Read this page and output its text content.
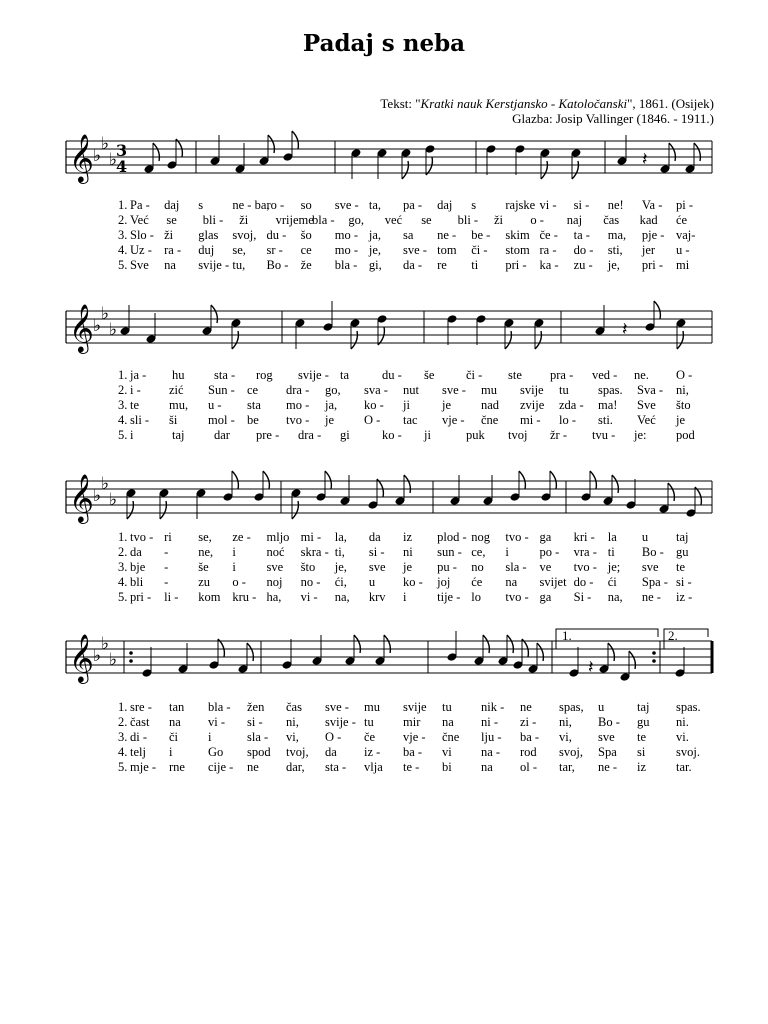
Padaj s neba
Tekst: "Kratki nauk Kerstjansko - Katoločanski", 1861. (Osijek)
Glazba: Josip Vallinger (1846. - 1911.)
𝄞 ♭
♭
♭
3
4	𝄽
1. Pa - daj s ne - ba,
ro - so sve - ta, pa - daj s rajske vi - si - ne! Va - pi -
2. Već se bli - ži vrijeme
bla - go, već se bli - ži o - naj čas kad će
3. Slo - ži glas svoj, du - šo mo - ja, sa ne - be - skim če - ta - ma, pje - vaj-
4. Uz - ra - duj se, sr - ce mo - je, sve - tom či - stom ra - do - sti, jer u -
5. Sve na svije - tu, Bo - že bla - gi, da - re ti pri - ka - zu - je, pri - mi
𝄞 ♭
♭
♭	𝄽
1. ja - hu sta - rog svije - ta	du - še	či - ste pra - ved - ne. O -
2. i - zić Sun - ce dra - go, sva - nut sve - mu svije tu spas. Sva - ni,
3. te mu, u - sta mo - ja, ko - ji	je nad zvije zda - ma! Sve što
4. sli - ši mol - be tvo - je O - tac vje - čne mi - lo - sti. Već je
5. i	taj dar pre - dra - gi	ko - ji	puk tvoj žr - tvu - je: pod
𝄞 ♭
♭
♭
1. tvo - ri se, ze - mljo mi - la, da iz plod - nog tvo - ga kri - la u taj
2. da - ne, i noć skra - ti, si - ni sun - ce, i po - vra - ti Bo - gu
3. bje - še i sve što je, sve je pu - no sla - ve tvo - je; sve te
4. bli - zu o - noj no - ći, u ko - joj će na svijet do - ći Spa - si -
5. pri - li - kom kru - ha, vi - na, krv i tije - lo tvo - ga Si - na, ne - iz -
𝄞 ♭
♭
♭	𝄽
1.	2.
1. sre - tan bla - žen čas sve - mu svije tu nik - ne spas, u	taj spas.
2. čast na vi - si - ni, svije - tu mir na ni - zi - ni, Bo - gu ni.
3. di - či i	sla - vi, O - če vje - čne lju - ba - vi, sve te vi.
4. telj i	Go spod tvoj, da iz - ba - vi na - rod svoj, Spa si svoj.
5. mje - rne cije - ne dar, sta - vlja te - bi na ol - tar, ne - iz tar.
